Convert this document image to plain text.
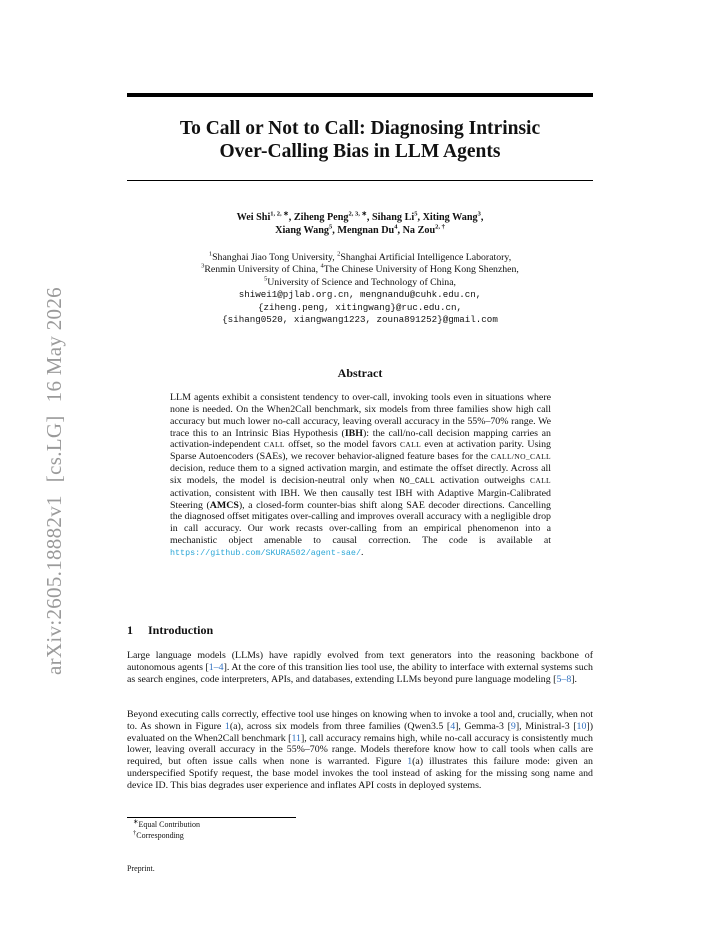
arXiv:2605.18882v1
[cs.LG]
16 May 2026
To Call or Not to Call: Diagnosing Intrinsic
Over-Calling Bias in LLM Agents
Wei Shi$^{1, 2, ∗}$, Ziheng Peng$^{2, 3, ∗}$, Sihang Li$^5$, Xiting Wang$^3$,
Xiang Wang$^5$, Mengnan Du$^4$, Na Zou$^{2, \dagger}$
$^1$Shanghai Jiao Tong University, $^2$Shanghai Artificial Intelligence Laboratory,
$^3$Renmin University of China, $^4$The Chinese University of Hong Kong Shenzhen,
$^5$University of Science and Technology of China,
shiwei1@pjlab.org.cn, mengnandu@cuhk.edu.cn,
{ziheng.peng, xitingwang}@ruc.edu.cn,
{sihang0520, xiangwang1223, zouna891252}@gmail.com
Abstract
LLM agents exhibit a consistent tendency to over-call, invoking tools even in situations where none is needed. On the When2Call benchmark, six models from three families show high call accuracy but much lower no-call accuracy, leaving overall accuracy in the 55%–70% range. We trace this to an Intrinsic Bias Hypothesis (IBH): the call/no-call decision mapping carries an activation-independent CALL offset, so the model favors CALL even at activation parity. Using Sparse Autoencoders (SAEs), we recover behavior-aligned feature bases for the CALL/NO_CALL decision, reduce them to a signed activation margin, and estimate the offset directly. Across all six models, the model is decision-neutral only when NO_CALL activation outweighs CALL activation, consistent with IBH. We then causally test IBH with Adaptive Margin-Calibrated Steering (AMCS), a closed-form counter-bias shift along SAE decoder directions. Cancelling the diagnosed offset mitigates over-calling and improves overall accuracy with a negligible drop in call accuracy. Our work recasts over-calling from an empirical phenomenon into a mechanistic object amenable to causal correction. The code is available at https://github.com/SKURA502/agent-sae/.
1 Introduction
Large language models (LLMs) have rapidly evolved from text generators into the reasoning backbone of autonomous agents [1–4]. At the core of this transition lies tool use, the ability to interface with external systems such as search engines, code interpreters, APIs, and databases, extending LLMs beyond pure language modeling [5–8].
Beyond executing calls correctly, effective tool use hinges on knowing when to invoke a tool and, crucially, when not to. As shown in Figure 1(a), across six models from three families (Qwen3.5 [4], Gemma-3 [9], Ministral-3 [10]) evaluated on the When2Call benchmark [11], call accuracy remains high, while no-call accuracy is consistently much lower, leaving overall accuracy in the 55%–70% range. Models therefore know how to call tools when calls are required, but often issue calls when none is warranted. Figure 1(a) illustrates this failure mode: given an underspecified Spotify request, the base model invokes the tool instead of asking for the missing song name and device ID. This bias degrades user experience and inflates API costs in deployed systems.
∗Equal Contribution
†Corresponding
Preprint.
